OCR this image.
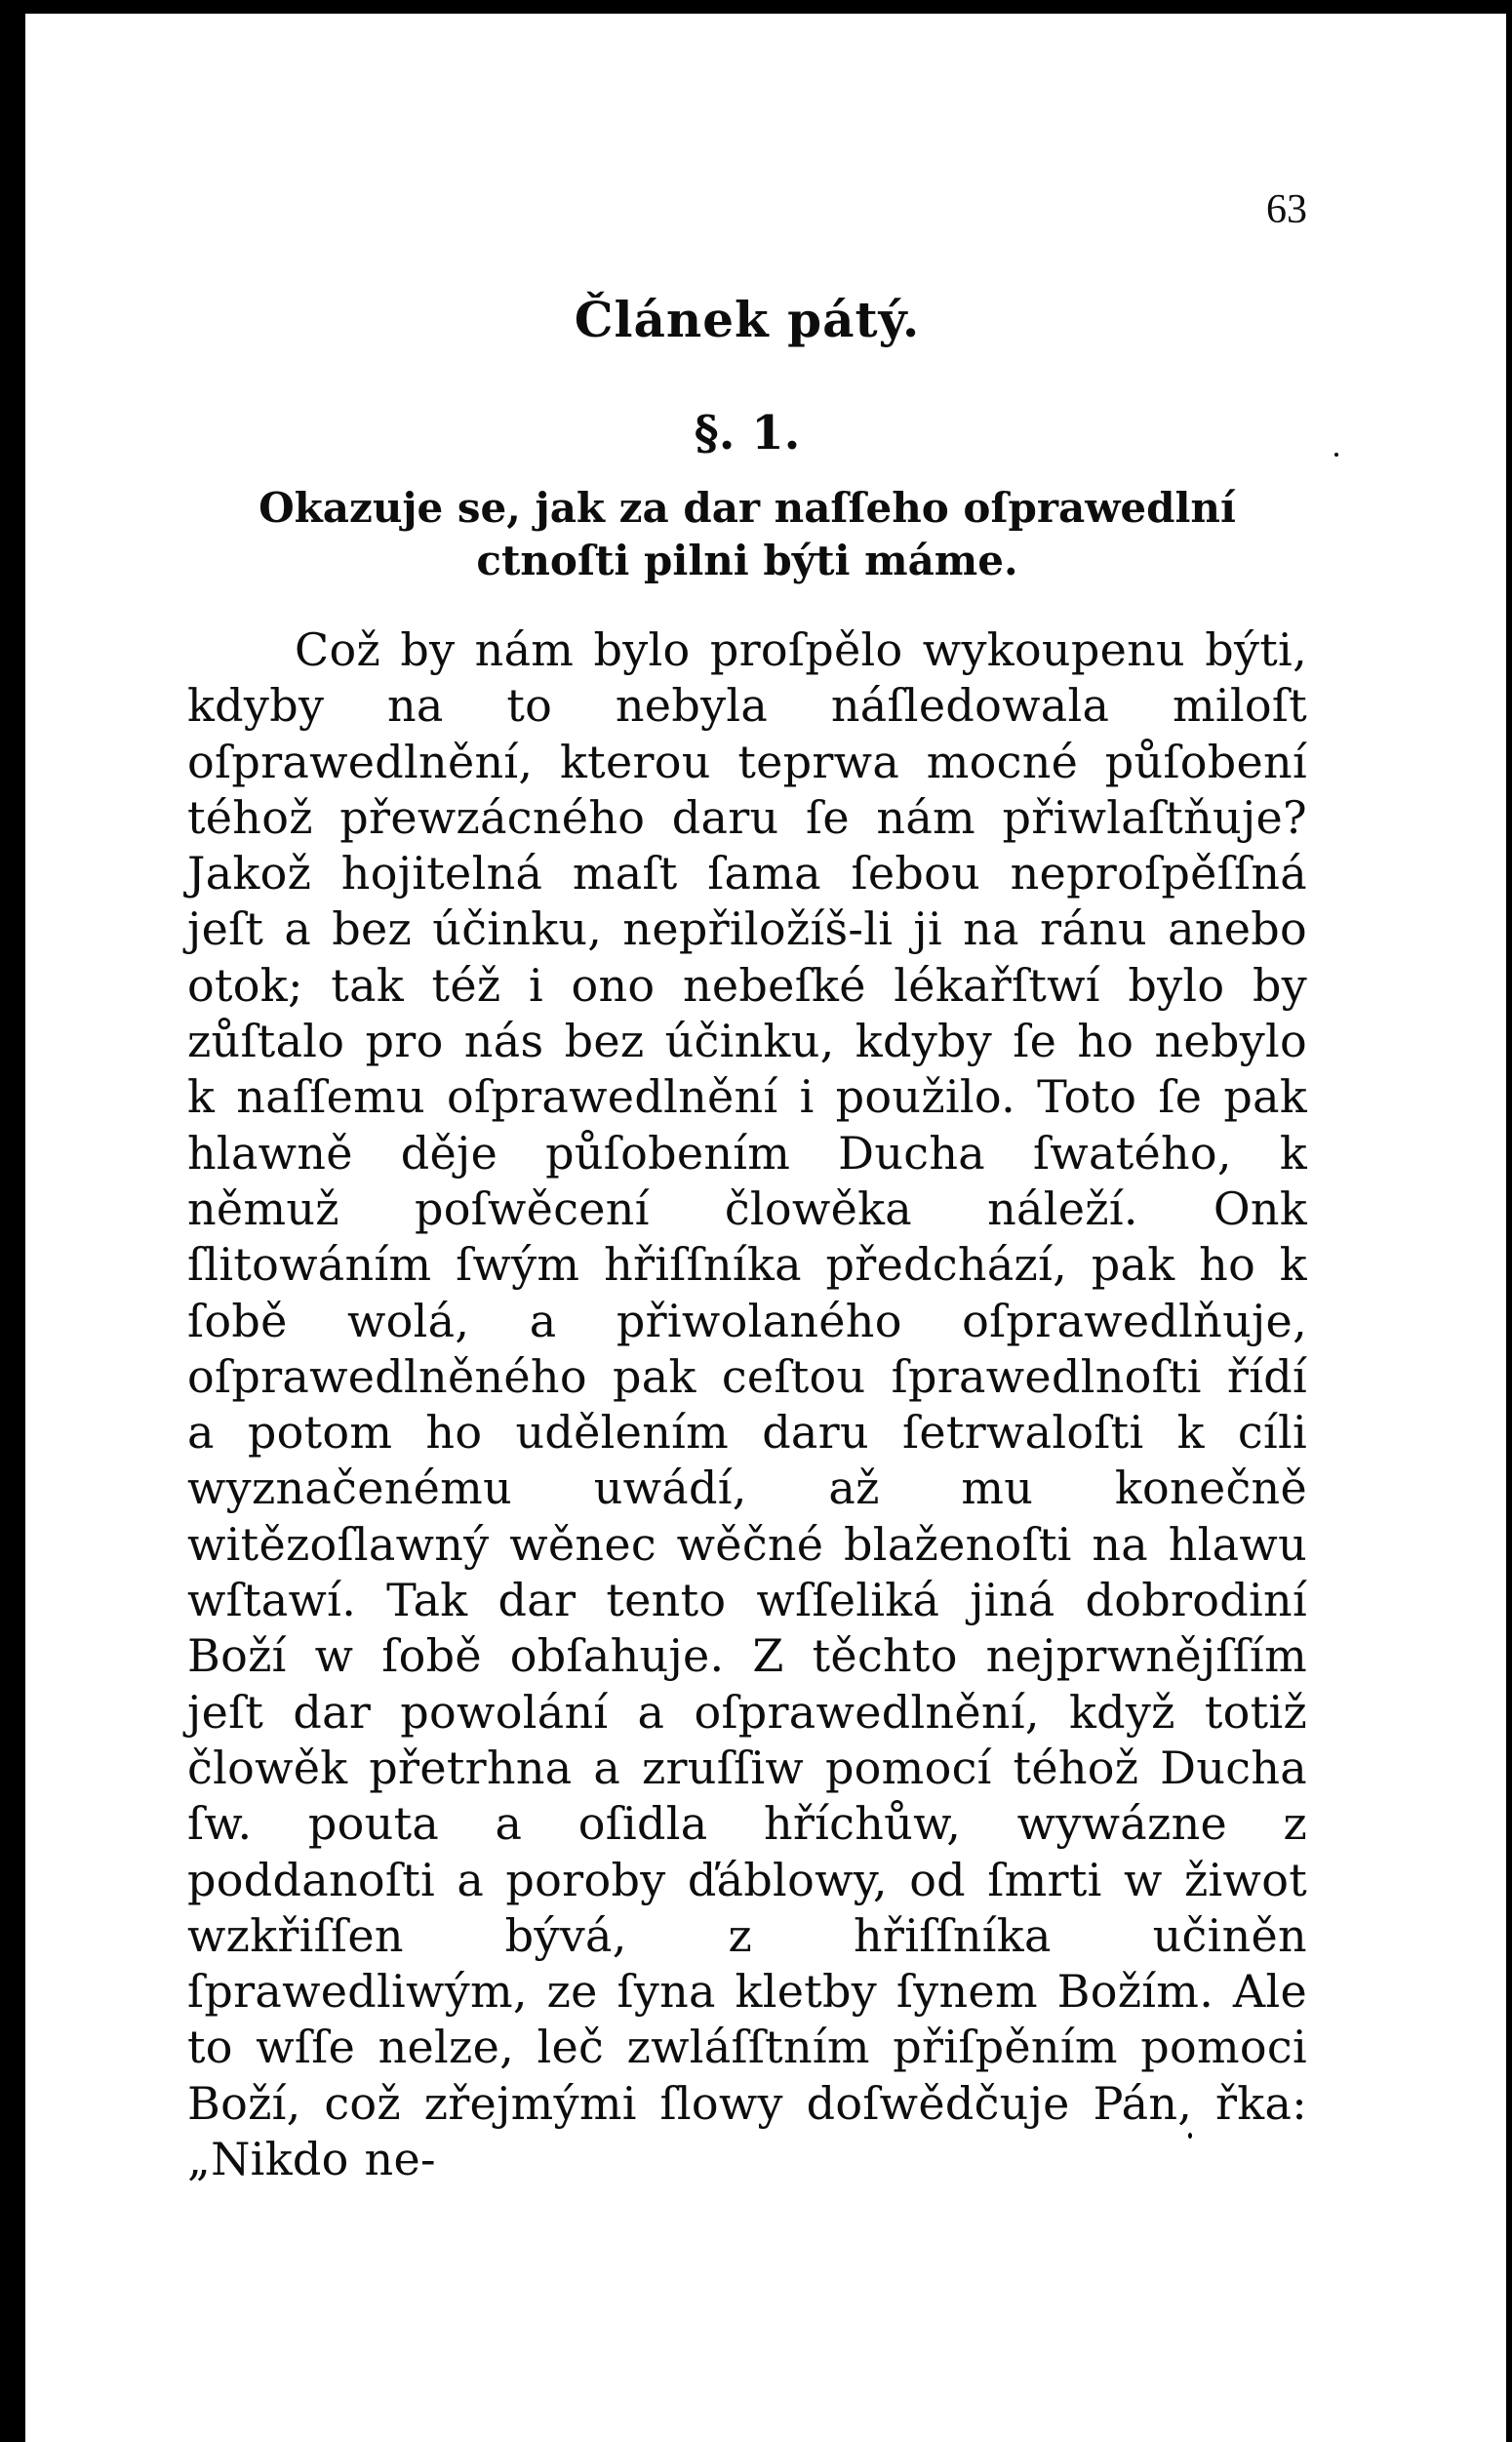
63
Článek pátý.
§. 1.
Okazuje se, jak za dar naſſeho oſprawedlní ctnoſti pilni býti máme.

Což by nám bylo proſpělo wykoupenu býti, kdyby na to nebyla náſledowala miloſt oſprawedlnění, kterou teprwa mocné půſobení téhož přewzácného daru ſe nám přiwlaſtňuje? Jakož hojitelná maſt ſama ſebou neproſpěſſná jeſt a bez účinku, nepřiložíš-li ji na ránu anebo otok; tak též i ono nebeſké lékařſtwí bylo by zůſtalo pro nás bez účinku, kdyby ſe ho nebylo k naſſemu oſprawedlnění i použilo. Toto ſe pak hlawně děje půſobením Ducha ſwatého, k němuž poſwěcení člowěka náleží. Onk ſlitowáním ſwým hřiſſníka předchází, pak ho k ſobě wolá, a přiwolaného oſprawedlňuje, oſprawedlněného pak ceſtou ſprawedlnoſti řídí a potom ho udělením daru ſetrwaloſti k cíli wyznačenému uwádí, až mu konečně witězoſlawný wěnec wěčné blaženoſti na hlawu wſtawí. Tak dar tento wſſeliká jiná dobrodiní Boží w ſobě obſahuje. Z těchto nejprwnějſſím jeſt dar powolání a oſprawedlnění, když totiž člowěk přetrhna a zruſſiw pomocí téhož Ducha ſw. pouta a oſidla hříchůw, wywázne z poddanoſti a poroby ďáblowy, od ſmrti w žiwot wzkřiſſen bývá, z hřiſſníka učiněn ſprawedliwým, ze ſyna kletby ſynem Božím. Ale to wſſe nelze, leč zwláſſtním přiſpěním pomoci Boží, což zřejmými ſlowy doſwědčuje Pán, řka: „Nikdo ne-
